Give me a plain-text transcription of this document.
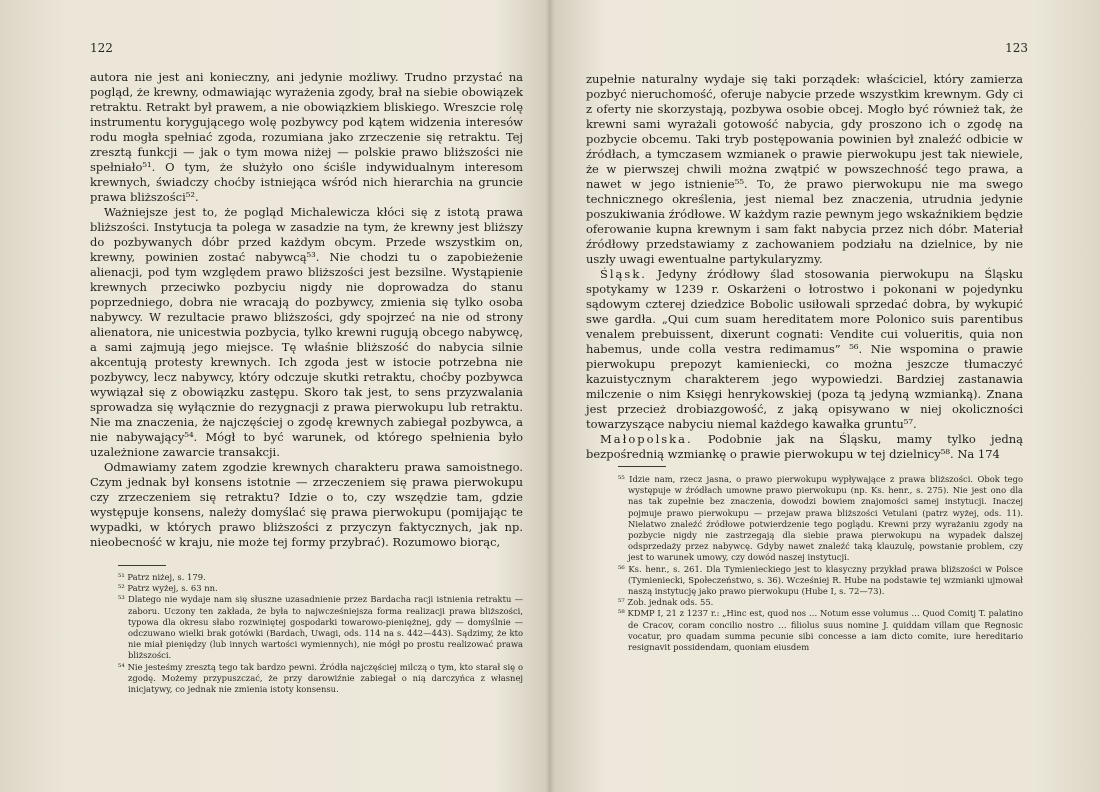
122	123

autora nie jest ani konieczny, ani jedynie możliwy. Trudno przystać na pogląd, że krewny, odmawiając wyrażenia zgody, brał na siebie obowiązek retraktu. Retrakt był prawem, a nie obowiązkiem bliskiego. Wreszcie rolę instrumentu korygującego wolę pozbywcy pod kątem widzenia interesów rodu mogła spełniać zgoda, rozumiana jako zrzeczenie się retraktu. Tej zresztą funkcji — jak o tym mowa niżej — polskie prawo bliższości nie spełniało⁵¹. O tym, że służyło ono ściśle indywidualnym interesom krewnych, świadczy choćby istniejąca wśród nich hierarchia na gruncie prawa bliższości⁵².

Ważniejsze jest to, że pogląd Michalewicza kłóci się z istotą prawa bliższości. Instytucja ta polega w zasadzie na tym, że krewny jest bliższy do pozbywanych dóbr przed każdym obcym. Przede wszystkim on, krewny, powinien zostać nabywcą⁵³. Nie chodzi tu o zapobieżenie alienacji, pod tym względem prawo bliższości jest bezsilne. Wystąpienie krewnych przeciwko pozbyciu nigdy nie doprowadza do stanu poprzedniego, dobra nie wracają do pozbywcy, zmienia się tylko osoba nabywcy. W rezultacie prawo bliższości, gdy spojrzeć na nie od strony alienatora, nie unicestwia pozbycia, tylko krewni rugują obcego nabywcę, a sami zajmują jego miejsce. Tę właśnie bliższość do nabycia silnie akcentują protesty krewnych. Ich zgoda jest w istocie potrzebna nie pozbywcy, lecz nabywcy, który odczuje skutki retraktu, choćby pozbywca wywiązał się z obowiązku zastępu. Skoro tak jest, to sens przyzwalania sprowadza się wyłącznie do rezygnacji z prawa pierwokupu lub retraktu. Nie ma znaczenia, że najczęściej o zgodę krewnych zabiegał pozbywca, a nie nabywający⁵⁴. Mógł to być warunek, od którego spełnienia było uzależnione zawarcie transakcji.

Odmawiamy zatem zgodzie krewnych charakteru prawa samoistnego. Czym jednak był konsens istotnie — zrzeczeniem się prawa pierwokupu czy zrzeczeniem się retraktu? Idzie o to, czy wszędzie tam, gdzie występuje konsens, należy domyślać się prawa pierwokupu (pomijając te wypadki, w których prawo bliższości z przyczyn faktycznych, jak np. nieobecność w kraju, nie może tej formy przybrać). Rozumowo biorąc,

⁵¹ Patrz niżej, s. 179.

⁵² Patrz wyżej, s. 63 nn.

⁵³ Dlatego nie wydaje nam się słuszne uzasadnienie przez Bardacha racji istnienia retraktu — zaboru. Uczony ten zakłada, że była to najwcześniejsza forma realizacji prawa bliższości, typowa dla okresu słabo rozwiniętej gospodarki towarowo-pieniężnej, gdy — domyślnie — odczuwano wielki brak gotówki (Bardach, Uwagi, ods. 114 na s. 442—443). Sądzimy, że kto nie miał pieniędzy (lub innych wartości wymiennych), nie mógł po prostu realizować prawa bliższości.

⁵⁴ Nie jesteśmy zresztą tego tak bardzo pewni. Źródła najczęściej milczą o tym, kto starał się o zgodę. Możemy przypuszczać, że przy darowiźnie zabiegał o nią darczyńca z własnej inicjatywy, co jednak nie zmienia istoty konsensu.

zupełnie naturalny wydaje się taki porządek: właściciel, który zamierza pozbyć nieruchomość, oferuje nabycie przede wszystkim krewnym. Gdy ci z oferty nie skorzystają, pozbywa osobie obcej. Mogło być również tak, że krewni sami wyrażali gotowość nabycia, gdy proszono ich o zgodę na pozbycie obcemu. Taki tryb postępowania powinien był znaleźć odbicie w źródłach, a tymczasem wzmianek o prawie pierwokupu jest tak niewiele, że w pierwszej chwili można zwątpić w powszechność tego prawa, a nawet w jego istnienie⁵⁵. To, że prawo pierwokupu nie ma swego technicznego określenia, jest niemal bez znaczenia, utrudnia jedynie poszukiwania źródłowe. W każdym razie pewnym jego wskaźnikiem będzie oferowanie kupna krewnym i sam fakt nabycia przez nich dóbr. Materiał źródłowy przedstawiamy z zachowaniem podziału na dzielnice, by nie uszły uwagi ewentualne partykularyzmy.

Śląsk. Jedyny źródłowy ślad stosowania pierwokupu na Śląsku spotykamy w 1239 r. Oskarżeni o łotrostwo i pokonani w pojedynku sądowym czterej dziedzice Bobolic usiłowali sprzedać dobra, by wykupić swe gardła. „Qui cum suam hereditatem more Polonico suis parentibus venalem prebuissent, dixerunt cognati: Vendite cui volueritis, quia non habemus, unde colla vestra redimamus” ⁵⁶. Nie wspomina o prawie pierwokupu prepozyt kamieniecki, co można jeszcze tłumaczyć kazuistycznym charakterem jego wypowiedzi. Bardziej zastanawia milczenie o nim Księgi henrykowskiej (poza tą jedyną wzmianką). Znana jest przecież drobiazgowość, z jaką opisywano w niej okoliczności towarzyszące nabyciu niemal każdego kawałka gruntu⁵⁷.

Małopolska. Podobnie jak na Śląsku, mamy tylko jedną bezpośrednią wzmiankę o prawie pierwokupu w tej dzielnicy⁵⁸. Na 174

⁵⁵ Idzie nam, rzecz jasna, o prawo pierwokupu wypływające z prawa bliższości. Obok tego występuje w źródłach umowne prawo pierwokupu (np. Ks. henr., s. 275). Nie jest ono dla nas tak zupełnie bez znaczenia, dowodzi bowiem znajomości samej instytucji. Inaczej pojmuje prawo pierwokupu — przejaw prawa bliższości Vetulani (patrz wyżej, ods. 11). Nielatwo znaleźć źródłowe potwierdzenie tego poglądu. Krewni przy wyrażaniu zgody na pozbycie nigdy nie zastrzegają dla siebie prawa pierwokupu na wypadek dalszej odsprzedaży przez nabywcę. Gdyby nawet znaleźć taką klauzulę, powstanie problem, czy jest to warunek umowy, czy dowód naszej instytucji.

⁵⁶ Ks. henr., s. 261. Dla Tymienieckiego jest to klasyczny przykład prawa bliższości w Polsce (Tymieniecki, Społeczeństwo, s. 36). Wcześniej R. Hube na podstawie tej wzmianki ujmował naszą instytucję jako prawo pierwokupu (Hube I, s. 72—73).

⁵⁷ Zob. jednak ods. 55.

⁵⁸ KDMP I, 21 z 1237 r.: „Hinc est, quod nos … Notum esse volumus … Quod Comitj T. palatino de Cracov, coram concilio nostro … filiolus suus nomine J. quiddam villam que Regnosic vocatur, pro quadam summa pecunie sibi concesse a iam dicto comite, iure hereditario resignavit possidendam, quoniam eiusdem
